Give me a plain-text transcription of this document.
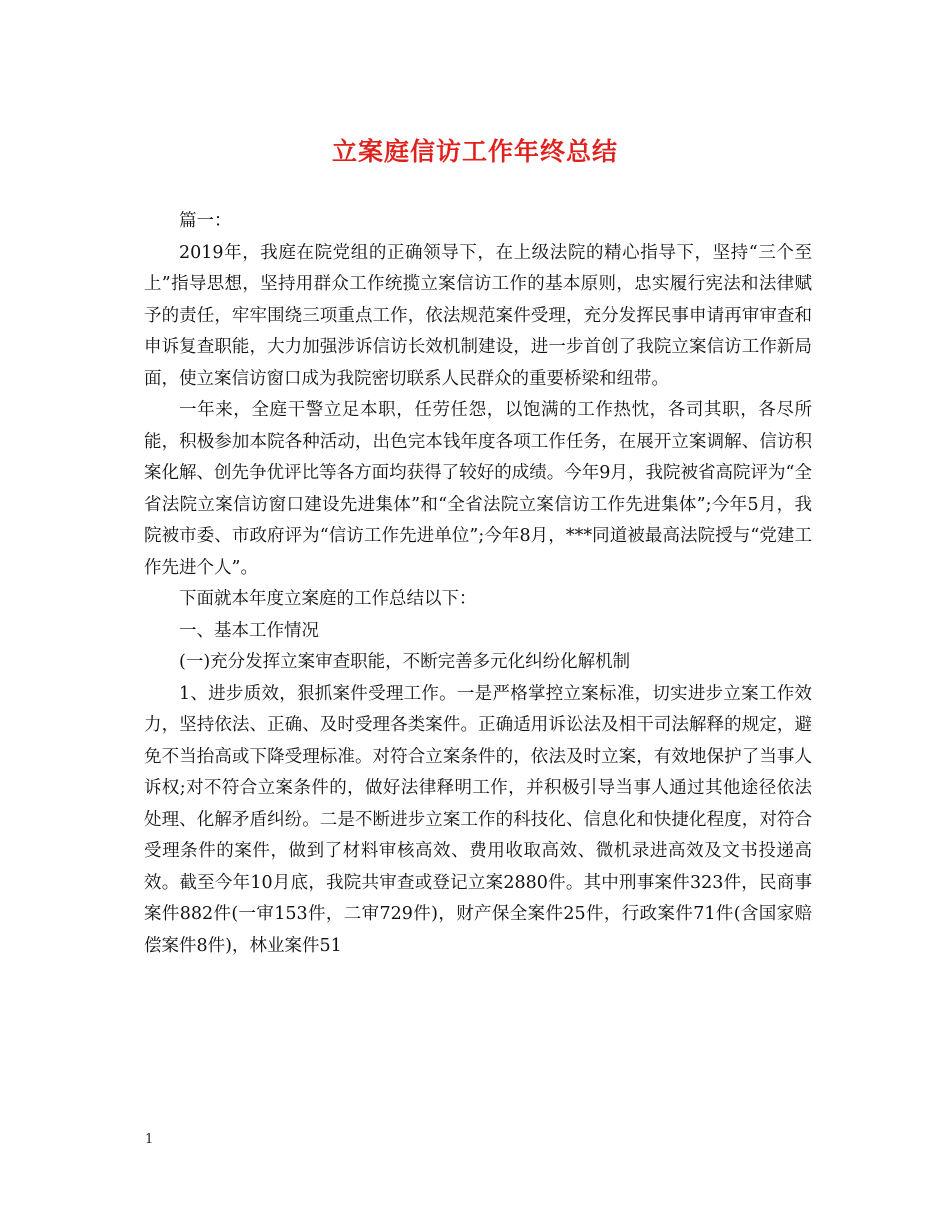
立案庭信访工作年终总结

篇一：

2019年，我庭在院党组的正确领导下，在上级法院的精心指导下，坚持“三个至上”指导思想，坚持用群众工作统揽立案信访工作的基本原则，忠实履行宪法和法律赋予的责任，牢牢围绕三项重点工作，依法规范案件受理，充分发挥民事申请再审审查和申诉复查职能，大力加强涉诉信访长效机制建设，进一步首创了我院立案信访工作新局面，使立案信访窗口成为我院密切联系人民群众的重要桥梁和纽带。

一年来，全庭干警立足本职，任劳任怨，以饱满的工作热忱，各司其职，各尽所能，积极参加本院各种活动，出色完本钱年度各项工作任务，在展开立案调解、信访积案化解、创先争优评比等各方面均获得了较好的成绩。今年9月，我院被省高院评为“全省法院立案信访窗口建设先进集体”和“全省法院立案信访工作先进集体”;今年5月，我院被市委、市政府评为“信访工作先进单位”;今年8月，***同道被最高法院授与“党建工作先进个人”。

下面就本年度立案庭的工作总结以下：

一、基本工作情况

(一)充分发挥立案审查职能，不断完善多元化纠纷化解机制

1、进步质效，狠抓案件受理工作。一是严格掌控立案标准，切实进步立案工作效力，坚持依法、正确、及时受理各类案件。正确适用诉讼法及相干司法解释的规定，避免不当抬高或下降受理标准。对符合立案条件的，依法及时立案，有效地保护了当事人诉权;对不符合立案条件的，做好法律释明工作，并积极引导当事人通过其他途径依法处理、化解矛盾纠纷。二是不断进步立案工作的科技化、信息化和快捷化程度，对符合受理条件的案件，做到了材料审核高效、费用收取高效、微机录进高效及文书投递高效。截至今年10月底，我院共审查或登记立案2880件。其中刑事案件323件，民商事案件882件(一审153件，二审729件)，财产保全案件25件，行政案件71件(含国家赔偿案件8件)，林业案件51

1
